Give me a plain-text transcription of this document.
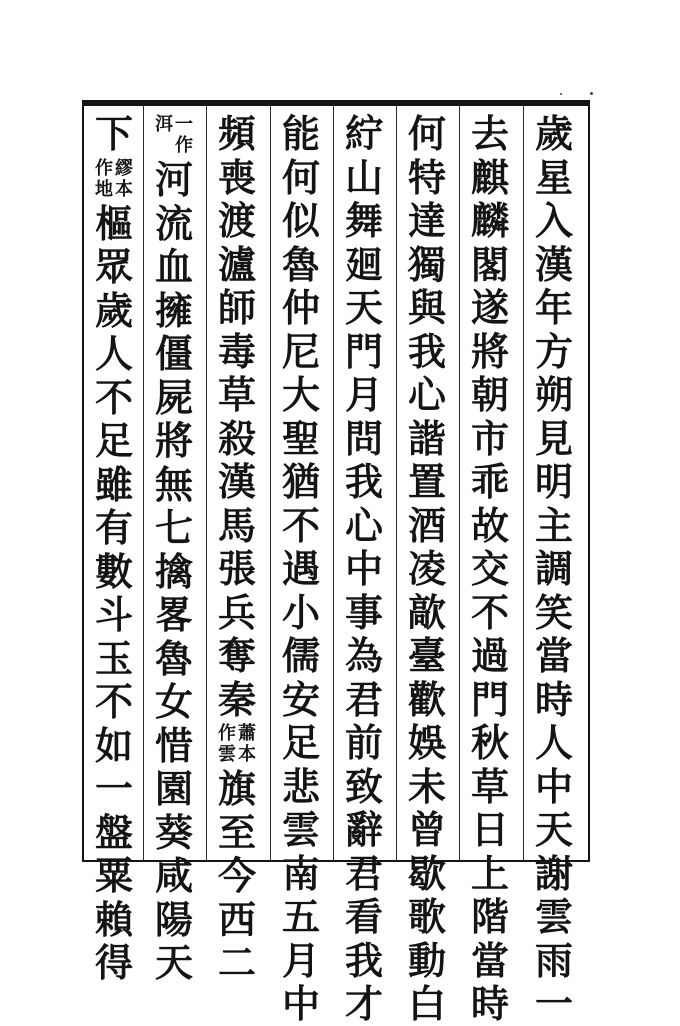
歲
星
入
漢
年
方
朔
見
明
主
調
笑
當
時
人
中
天
謝
雲
雨
一
去
麒
麟
閣
遂
將
朝
市
乖
故
交
不
過
門
秋
草
日
上
階
當
時
何
特
達
獨
與
我
心
諧
置
酒
凌
歊
臺
歡
娛
未
曾
歇
歌
動
白
紵
山
舞
廻
天
門
月
問
我
心
中
事
為
君
前
致
辭
君
看
我
才
能
何
似
魯
仲
尼
大
聖
猶
不
遇
小
儒
安
足
悲
雲
南
五
月
中
頻
喪
渡
瀘
師
毒
草
殺
漢
馬
張
兵
奪
秦
蕭
本
作
雲
旗
至
今
西
二
一
作
洱
河
流
血
擁
僵
屍
將
無
七
擒
畧
魯
女
惜
園
葵
咸
陽
天
下
繆
本
作
地
樞
眾
歲
人
不
足
雖
有
數
斗
玉
不
如
一
盤
粟
賴
得
